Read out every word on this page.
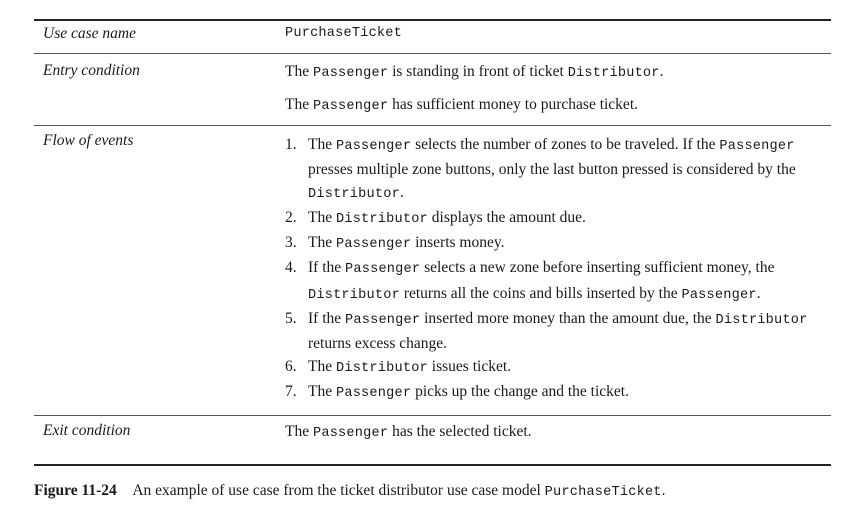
Use case name	PurchaseTicket
Entry condition	The Passenger is standing in front of ticket Distributor.
The Passenger has sufficient money to purchase ticket.
Flow of events	1. The Passenger selects the number of zones to be traveled. If the Passenger presses multiple zone buttons, only the last button pressed is considered by the Distributor.
2. The Distributor displays the amount due.
3. The Passenger inserts money.
4. If the Passenger selects a new zone before inserting sufficient money, the Distributor returns all the coins and bills inserted by the Passenger.
5. If the Passenger inserted more money than the amount due, the Distributor returns excess change.
6. The Distributor issues ticket.
7. The Passenger picks up the change and the ticket.
Exit condition	The Passenger has the selected ticket.
Figure 11-24 An example of use case from the ticket distributor use case model PurchaseTicket.
